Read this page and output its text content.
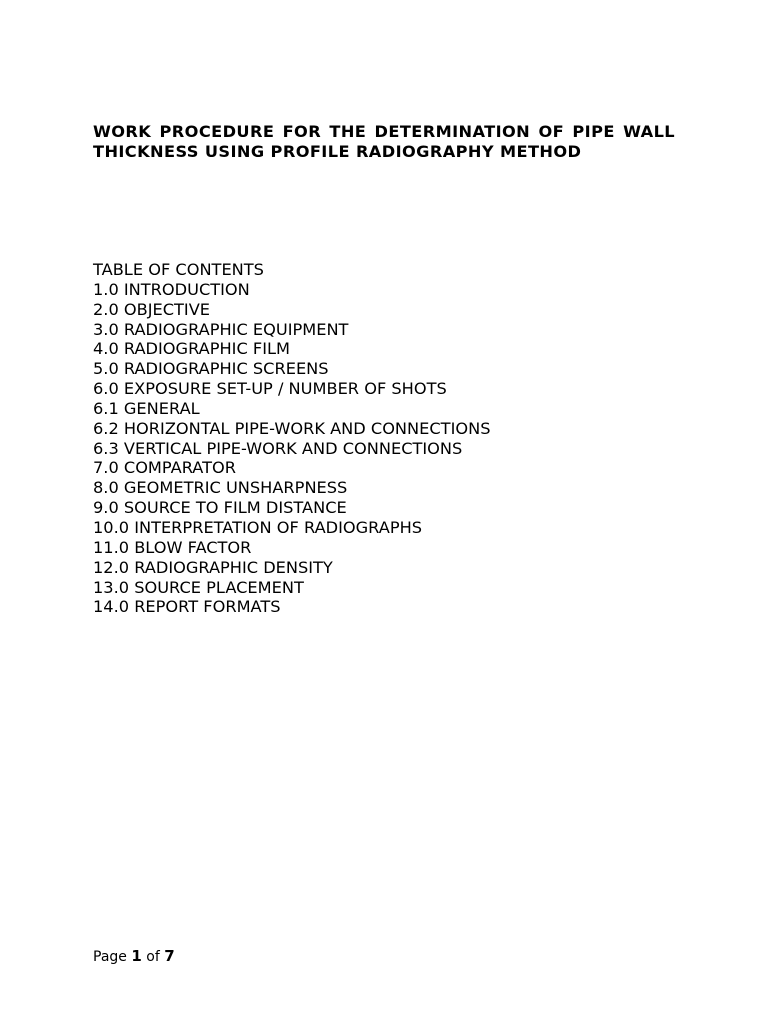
WORK PROCEDURE FOR THE DETERMINATION OF PIPE WALL THICKNESS USING PROFILE RADIOGRAPHY METHOD

TABLE OF CONTENTS
1.0 INTRODUCTION
2.0 OBJECTIVE
3.0 RADIOGRAPHIC EQUIPMENT
4.0 RADIOGRAPHIC FILM
5.0 RADIOGRAPHIC SCREENS
6.0 EXPOSURE SET-UP / NUMBER OF SHOTS
6.1 GENERAL
6.2 HORIZONTAL PIPE-WORK AND CONNECTIONS
6.3 VERTICAL PIPE-WORK AND CONNECTIONS
7.0 COMPARATOR
8.0 GEOMETRIC UNSHARPNESS
9.0 SOURCE TO FILM DISTANCE
10.0 INTERPRETATION OF RADIOGRAPHS
11.0 BLOW FACTOR
12.0 RADIOGRAPHIC DENSITY
13.0 SOURCE PLACEMENT
14.0 REPORT FORMATS
Page 1 of 7
